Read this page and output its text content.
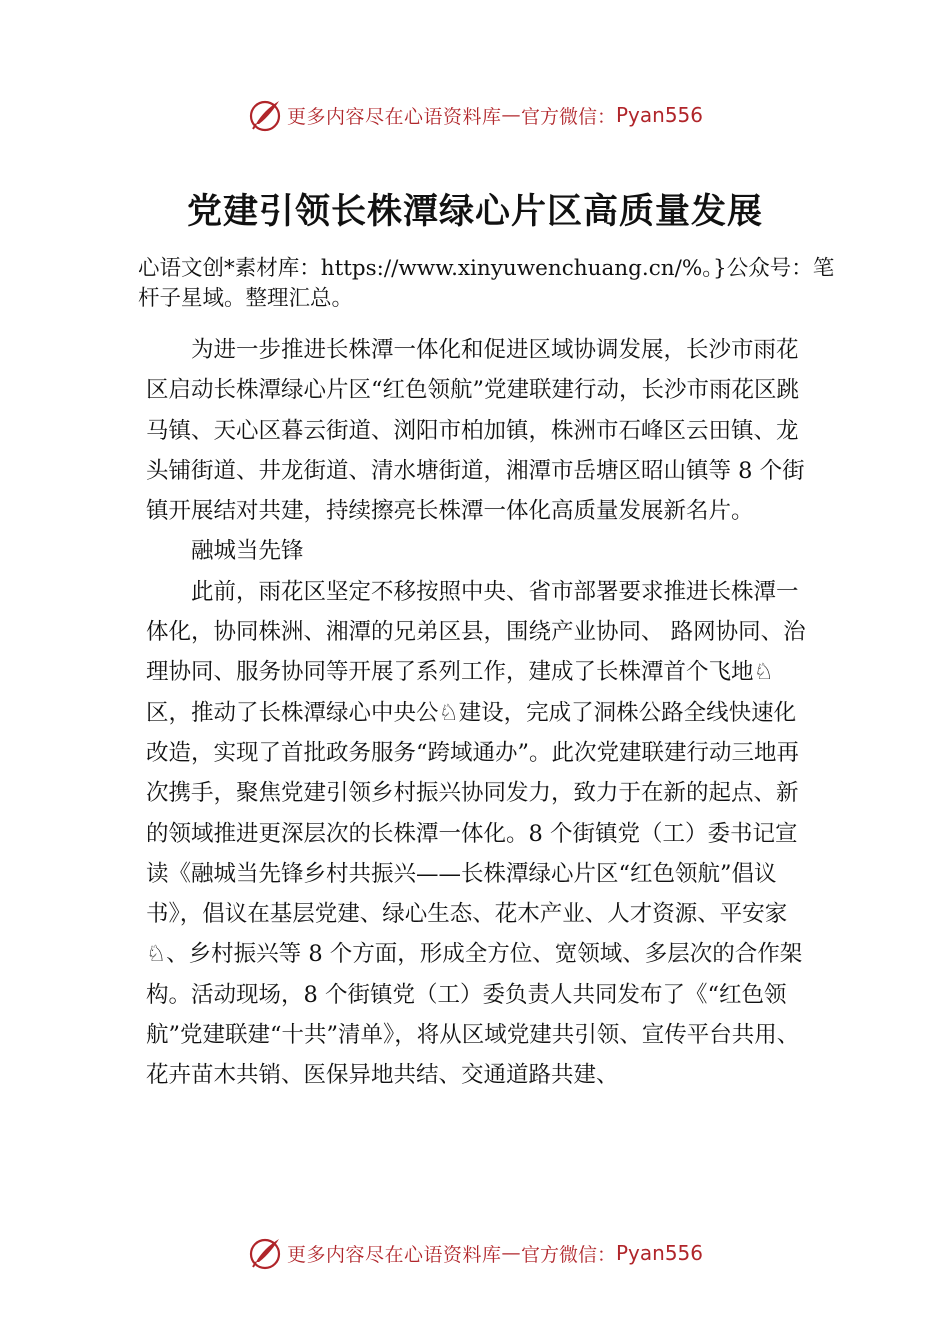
更多内容尽在心语资料库 — 官方微信： Pyan556
党建引领长株潭绿心片区高质量发展
心语文创*素材库：https://www.xinyuwenchuang.cn/%。}公众号：笔杆子星域。整理汇总。

为进一步推进长株潭一体化和促进区域协调发展，长沙市雨花区启动长株潭绿心片区“红色领航”党建联建行动，长沙市雨花区跳马镇、天心区暮云街道、浏阳市柏加镇，株洲市石峰区云田镇、龙头铺街道、井龙街道、清水塘街道，湘潭市岳塘区昭山镇等 8 个街镇开展结对共建，持续擦亮长株潭一体化高质量发展新名片。

融城当先锋

此前，雨花区坚定不移按照中央、省市部署要求推进长株潭一体化，协同株洲、湘潭的兄弟区县，围绕产业协同、 路网协同、治理协同、服务协同等开展了系列工作，建成了长株潭首个飞地♘区，推动了长株潭绿心中央公♘建设，完成了洞株公路全线快速化改造，实现了首批政务服务“跨域通办”。此次党建联建行动三地再次携手，聚焦党建引领乡村振兴协同发力，致力于在新的起点、新的领域推进更深层次的长株潭一体化。8 个街镇党（工）委书记宣读《融城当先锋乡村共振兴——长株潭绿心片区“红色领航”倡议书》，倡议在基层党建、绿心生态、花木产业、人才资源、平安家♘、乡村振兴等 8 个方面，形成全方位、宽领域、多层次的合作架构。活动现场，8 个街镇党（工）委负责人共同发布了《“红色领航”党建联建“十共”清单》，将从区域党建共引领、宣传平台共用、花卉苗木共销、医保异地共结、交通道路共建、

更多内容尽在心语资料库 — 官方微信： Pyan556
